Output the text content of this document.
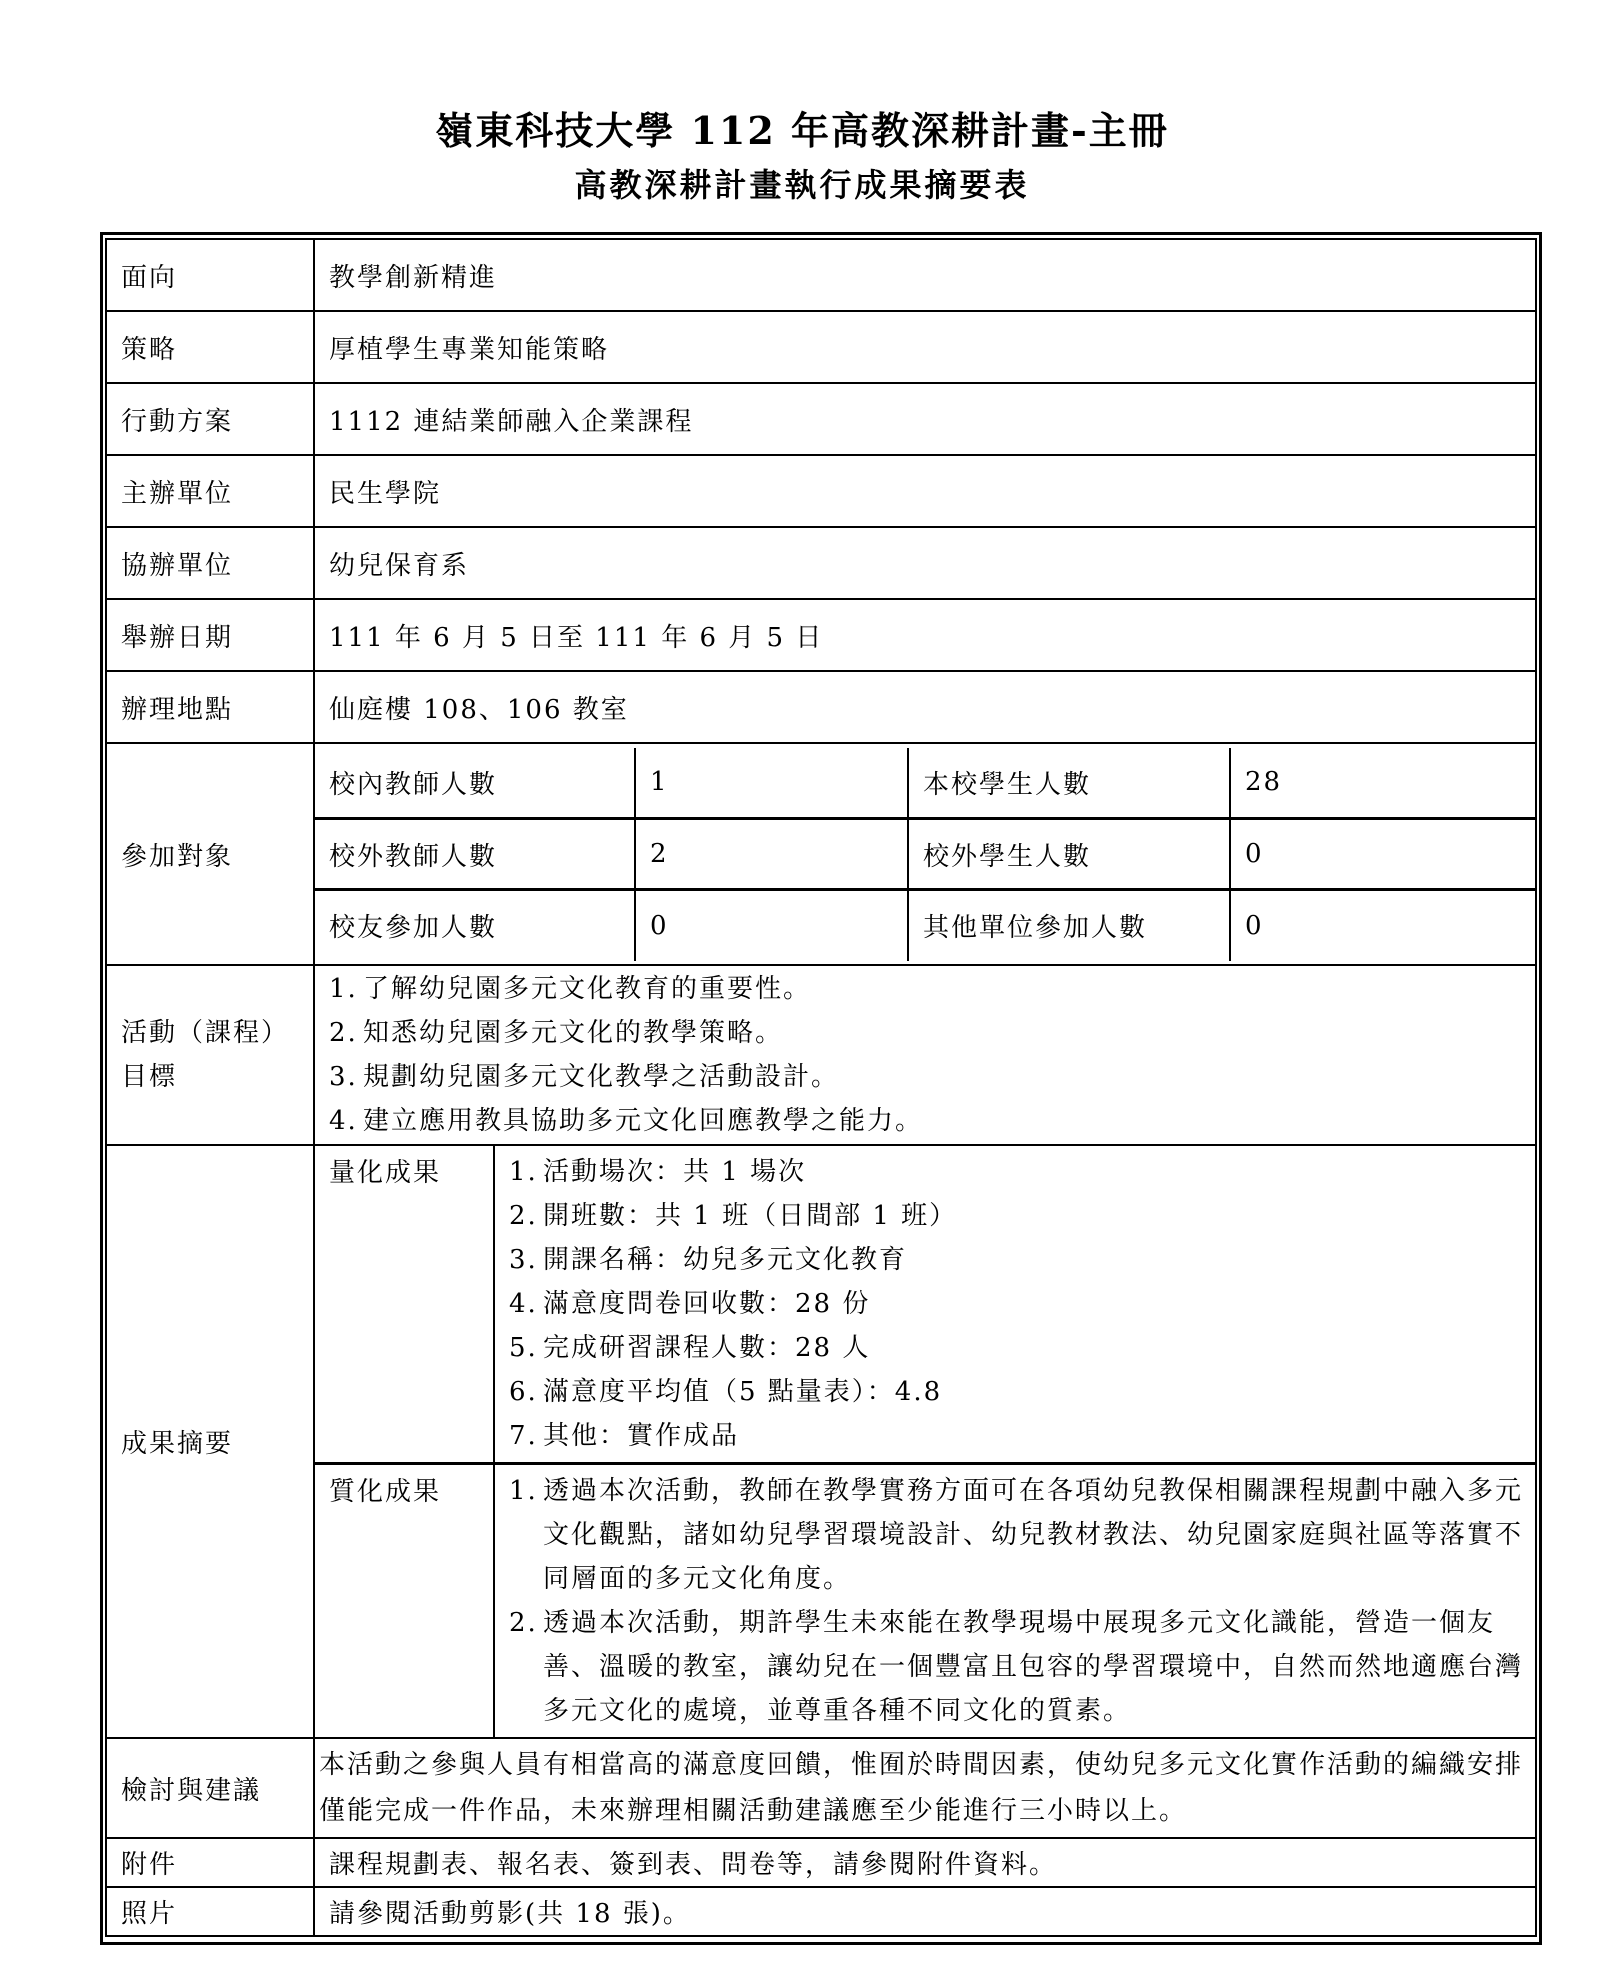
嶺東科技大學 112 年高教深耕計畫-主冊
高教深耕計畫執行成果摘要表
面向	教學創新精進
策略	厚植學生專業知能策略
行動方案	1112 連結業師融入企業課程
主辦單位	民生學院
協辦單位	幼兒保育系
舉辦日期	111 年 6 月 5 日至 111 年 6 月 5 日
辦理地點	仙庭樓 108、106 教室
參加對象	
校內教師人數	1	本校學生人數	28
校外教師人數	2	校外學生人數	0
校友參加人數	0	其他單位參加人數	0

活動（課程）目標	
1. 了解幼兒園多元文化教育的重要性。
2. 知悉幼兒園多元文化的教學策略。
3. 規劃幼兒園多元文化教學之活動設計。
4. 建立應用教具協助多元文化回應教學之能力。

成果摘要	
量化成果	1. 活動場次：共 1 場次
2. 開班數：共 1 班（日間部 1 班）
3. 開課名稱：幼兒多元文化教育
4. 滿意度問卷回收數：28 份
5. 完成研習課程人數：28 人
6. 滿意度平均值（5 點量表）：4.8
7. 其他：實作成品
質化成果	1. 透過本次活動，教師在教學實務方面可在各項幼兒教保相關課程規劃中融入多元文化觀點，諸如幼兒學習環境設計、幼兒教材教法、幼兒園家庭與社區等落實不同層面的多元文化角度。
2. 透過本次活動，期許學生未來能在教學現場中展現多元文化識能，營造一個友善、溫暖的教室，讓幼兒在一個豐富且包容的學習環境中，自然而然地適應台灣多元文化的處境，並尊重各種不同文化的質素。

檢討與建議	本活動之參與人員有相當高的滿意度回饋，惟囿於時間因素，使幼兒多元文化實作活動的編織安排僅能完成一件作品，未來辦理相關活動建議應至少能進行三小時以上。
附件	課程規劃表、報名表、簽到表、問卷等，請參閱附件資料。
照片	請參閱活動剪影(共 18 張)。
